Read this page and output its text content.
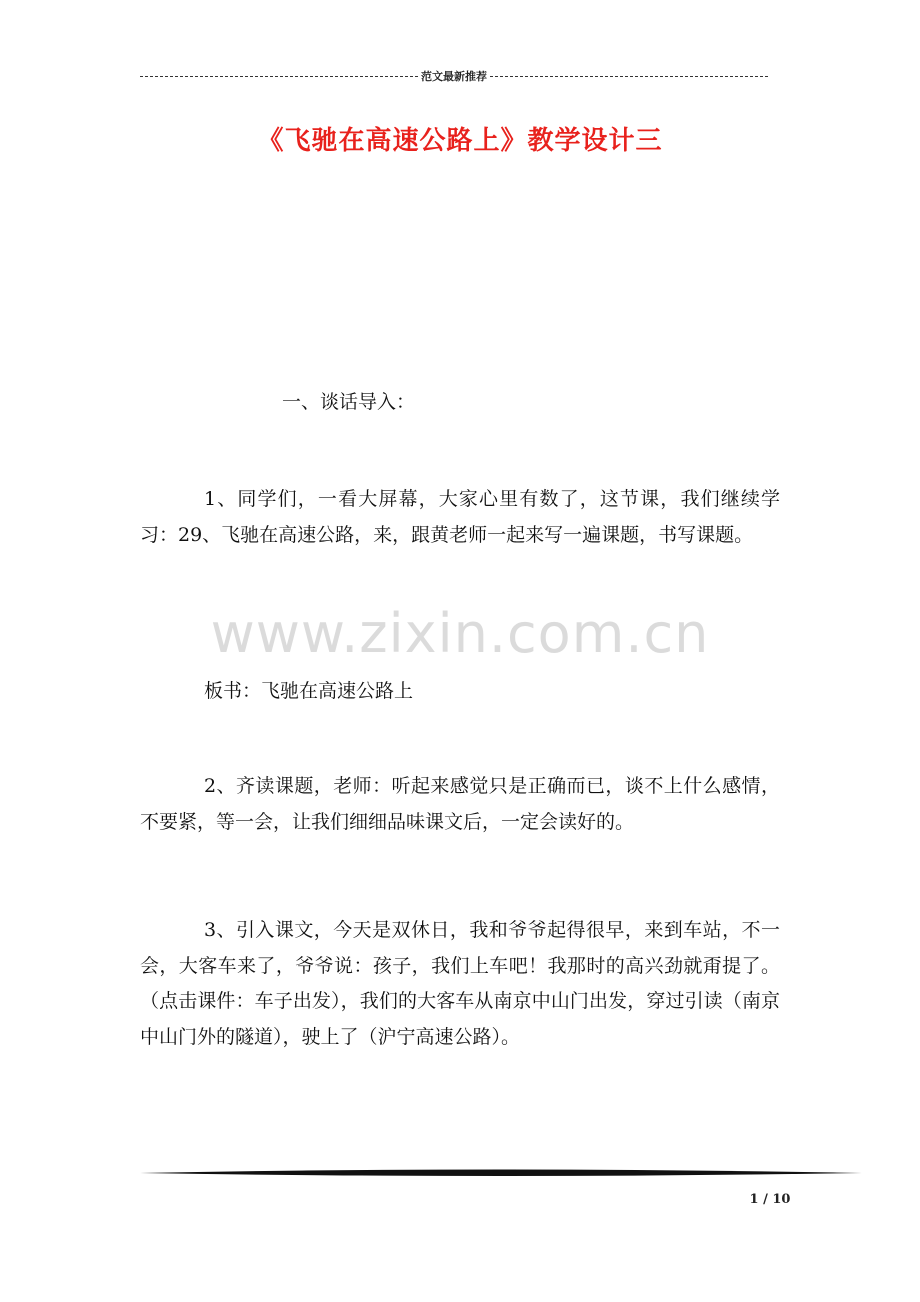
范文最新推荐
《飞驰在高速公路上》教学设计三
一、谈话导入：

1、同学们，一看大屏幕，大家心里有数了，这节课，我们继续学习：29、飞驰在高速公路，来，跟黄老师一起来写一遍课题，书写课题。

板书：飞驰在高速公路上

2、齐读课题，老师：听起来感觉只是正确而已，谈不上什么感情，不要紧，等一会，让我们细细品味课文后，一定会读好的。

3、引入课文，今天是双休日，我和爷爷起得很早，来到车站，不一会，大客车来了，爷爷说：孩子，我们上车吧！我那时的高兴劲就甭提了。（点击课件：车子出发），我们的大客车从南京中山门出发，穿过引读（南京中山门外的隧道），驶上了（沪宁高速公路）。

www.zixin.com.cn
1 / 10
